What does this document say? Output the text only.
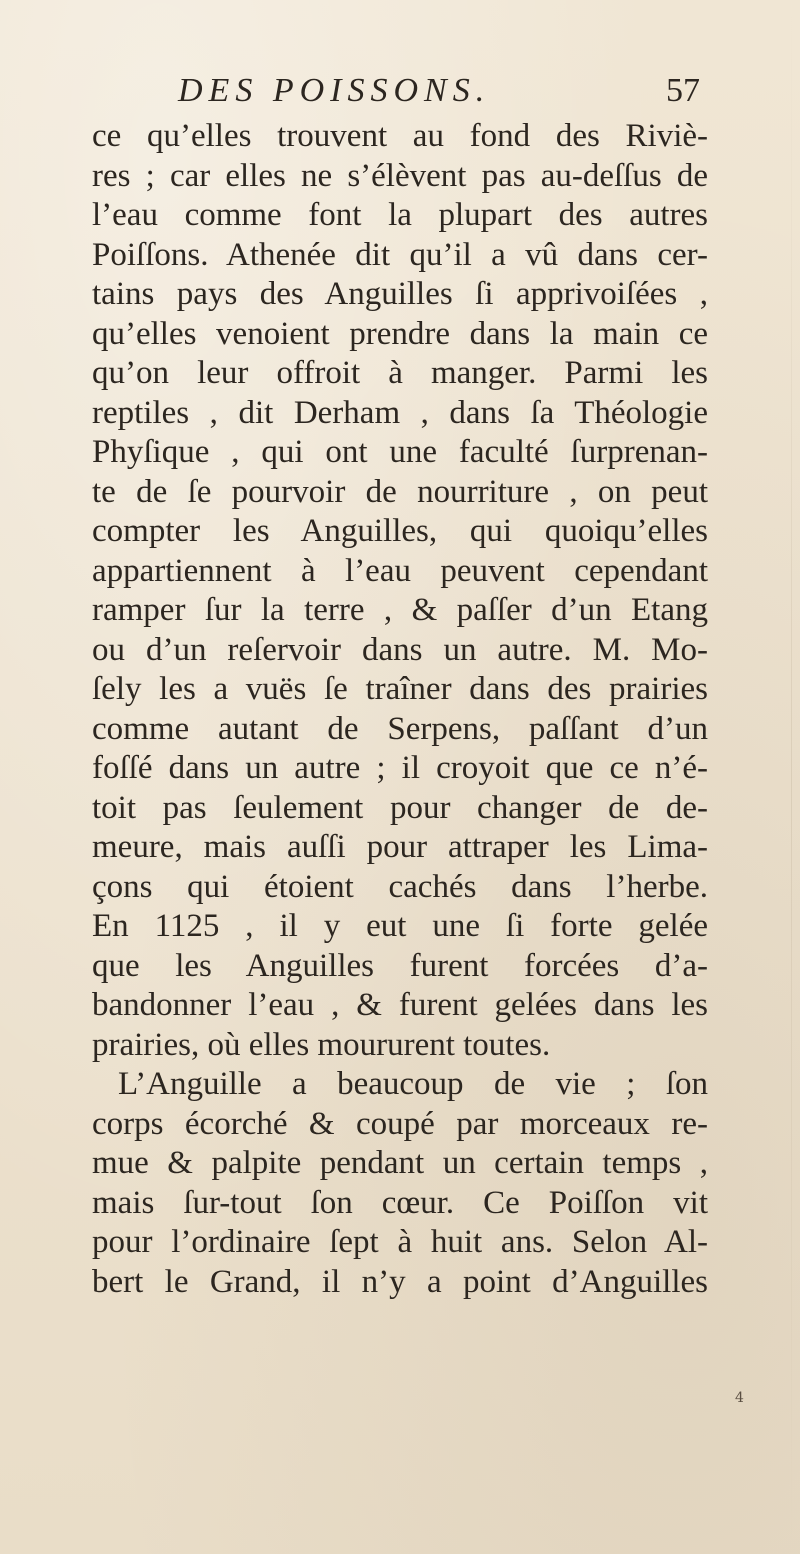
DES POISSONS.	57
ce qu’elles trouvent au fond des Riviè-
res ; car elles ne s’élèvent pas au-deſſus de
l’eau comme font la plupart des autres
Poiſſons. Athenée dit qu’il a vû dans cer-
tains pays des Anguilles ſi apprivoiſées ,
qu’elles venoient prendre dans la main ce
qu’on leur offroit à manger. Parmi les
reptiles , dit Derham , dans ſa Théologie
Phyſique , qui ont une faculté ſurprenan-
te de ſe pourvoir de nourriture , on peut
compter les Anguilles, qui quoiqu’elles
appartiennent à l’eau peuvent cependant
ramper ſur la terre , & paſſer d’un Etang
ou d’un reſervoir dans un autre. M. Mo-
ſely les a vuës ſe traîner dans des prairies
comme autant de Serpens, paſſant d’un
foſſé dans un autre ; il croyoit que ce n’é-
toit pas ſeulement pour changer de de-
meure, mais auſſi pour attraper les Lima-
çons qui étoient cachés dans l’herbe.
En 1125 , il y eut une ſi forte gelée
que les Anguilles furent forcées d’a-
bandonner l’eau , & furent gelées dans les
prairies, où elles moururent toutes.
L’Anguille a beaucoup de vie ; ſon
corps écorché & coupé par morceaux re-
mue & palpite pendant un certain temps ,
mais ſur-tout ſon cœur. Ce Poiſſon vit
pour l’ordinaire ſept à huit ans. Selon Al-
bert le Grand, il n’y a point d’Anguilles
4
